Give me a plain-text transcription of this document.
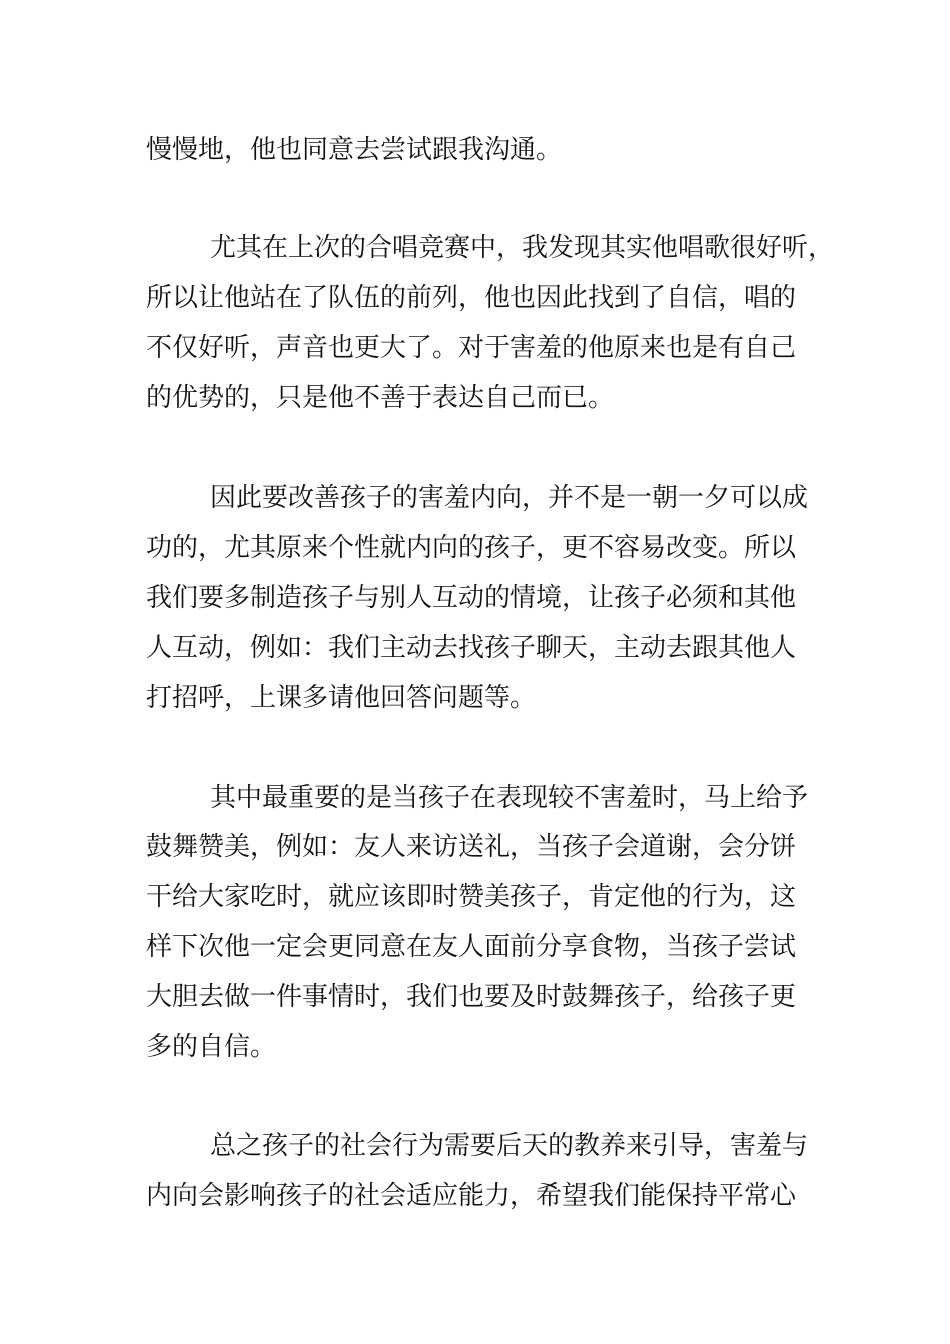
慢慢地，他也同意去尝试跟我沟通。
尤其在上次的合唱竞赛中，我发现其实他唱歌很好听，
所以让他站在了队伍的前列，他也因此找到了自信，唱的
不仅好听，声音也更大了。对于害羞的他原来也是有自己
的优势的，只是他不善于表达自己而已。
因此要改善孩子的害羞内向，并不是一朝一夕可以成
功的，尤其原来个性就内向的孩子，更不容易改变。所以
我们要多制造孩子与别人互动的情境，让孩子必须和其他
人互动，例如：我们主动去找孩子聊天，主动去跟其他人
打招呼，上课多请他回答问题等。
其中最重要的是当孩子在表现较不害羞时，马上给予
鼓舞赞美，例如：友人来访送礼，当孩子会道谢，会分饼
干给大家吃时，就应该即时赞美孩子，肯定他的行为，这
样下次他一定会更同意在友人面前分享食物，当孩子尝试
大胆去做一件事情时，我们也要及时鼓舞孩子，给孩子更
多的自信。
总之孩子的社会行为需要后天的教养来引导，害羞与
内向会影响孩子的社会适应能力，希望我们能保持平常心
